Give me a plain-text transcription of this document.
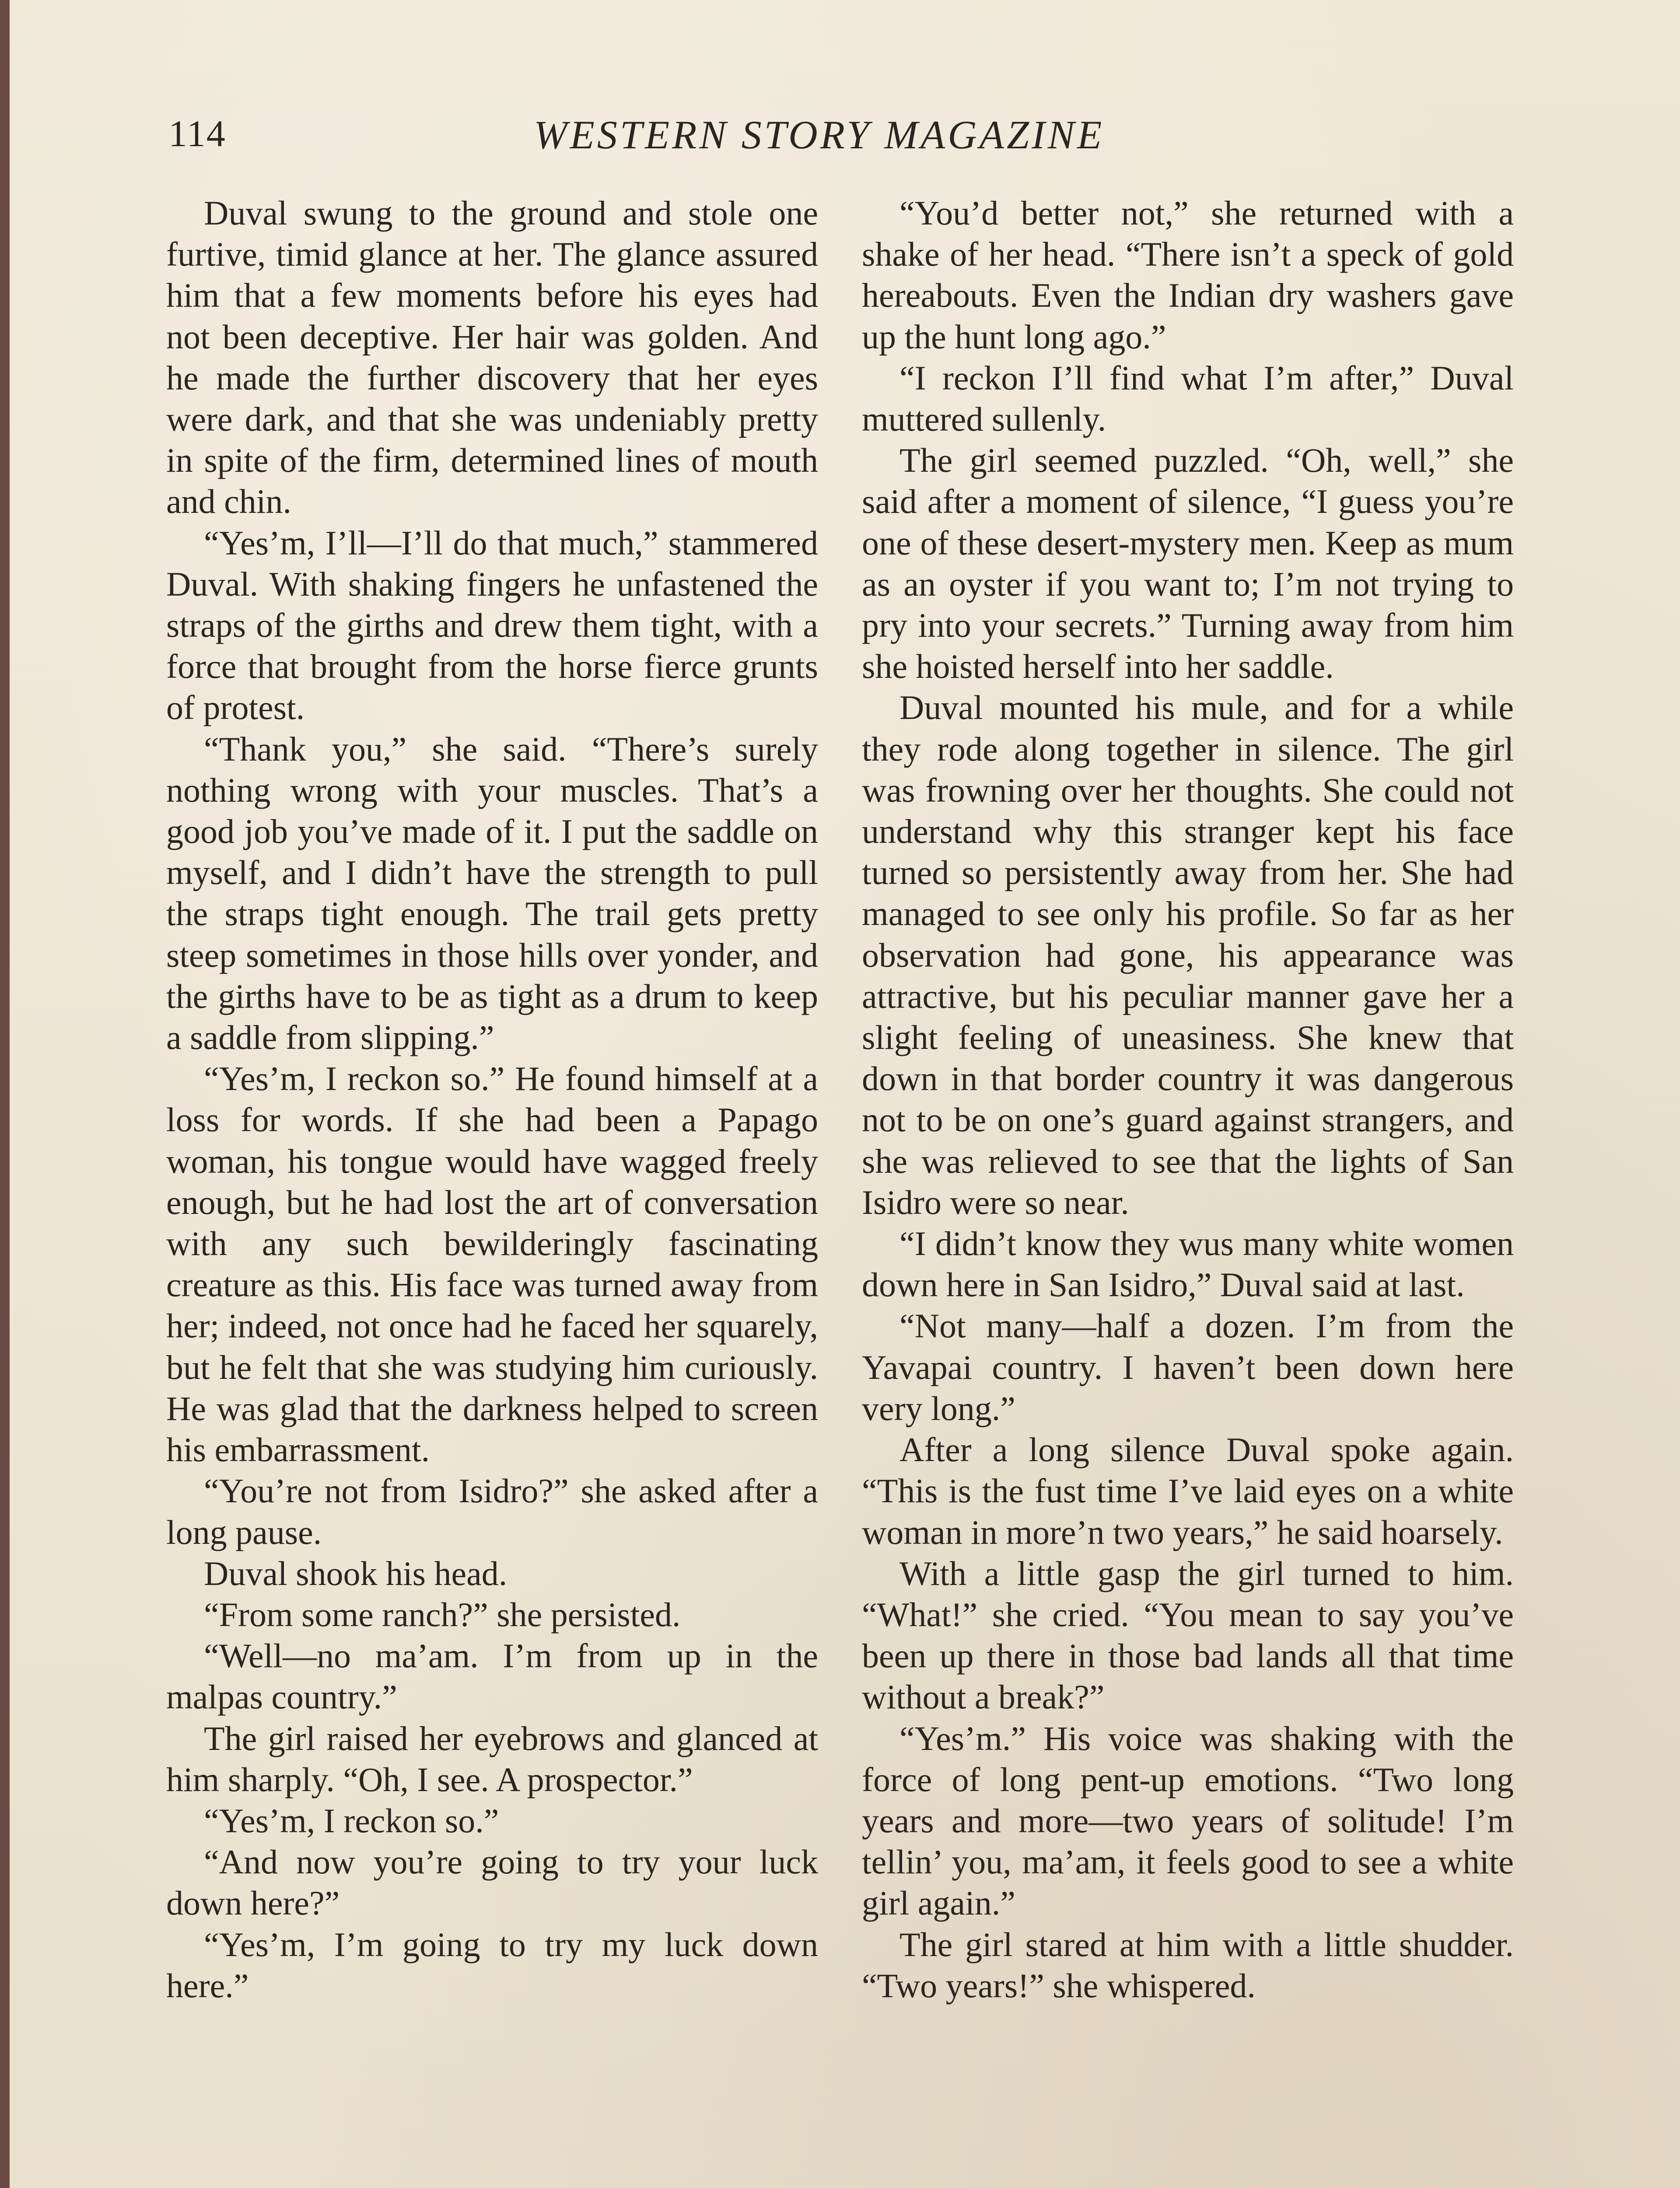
114	WESTERN STORY MAGAZINE

Duval swung to the ground and stole one furtive, timid glance at her. The glance assured him that a few moments before his eyes had not been deceptive. Her hair was golden. And he made the further discovery that her eyes were dark, and that she was undeniably pretty in spite of the firm, determined lines of mouth and chin.

“Yes’m, I’ll—I’ll do that much,” stammered Duval. With shaking fingers he unfastened the straps of the girths and drew them tight, with a force that brought from the horse fierce grunts of protest.

“Thank you,” she said. “There’s surely nothing wrong with your muscles. That’s a good job you’ve made of it. I put the saddle on myself, and I didn’t have the strength to pull the straps tight enough. The trail gets pretty steep sometimes in those hills over yonder, and the girths have to be as tight as a drum to keep a saddle from slipping.”

“Yes’m, I reckon so.” He found himself at a loss for words. If she had been a Papago woman, his tongue would have wagged freely enough, but he had lost the art of conversation with any such bewilderingly fascinating creature as this. His face was turned away from her; indeed, not once had he faced her squarely, but he felt that she was studying him curiously. He was glad that the darkness helped to screen his embarrassment.

“You’re not from Isidro?” she asked after a long pause.

Duval shook his head.

“From some ranch?” she persisted.

“Well—no ma’am. I’m from up in the malpas country.”

The girl raised her eyebrows and glanced at him sharply. “Oh, I see. A prospector.”

“Yes’m, I reckon so.”

“And now you’re going to try your luck down here?”

“Yes’m, I’m going to try my luck down here.”

“You’d better not,” she returned with a shake of her head. “There isn’t a speck of gold hereabouts. Even the Indian dry washers gave up the hunt long ago.”

“I reckon I’ll find what I’m after,” Duval muttered sullenly.

The girl seemed puzzled. “Oh, well,” she said after a moment of silence, “I guess you’re one of these desert-mystery men. Keep as mum as an oyster if you want to; I’m not trying to pry into your secrets.” Turning away from him she hoisted herself into her saddle.

Duval mounted his mule, and for a while they rode along together in silence. The girl was frowning over her thoughts. She could not understand why this stranger kept his face turned so persistently away from her. She had managed to see only his profile. So far as her observation had gone, his appearance was attractive, but his peculiar manner gave her a slight feeling of uneasiness. She knew that down in that border country it was dangerous not to be on one’s guard against strangers, and she was relieved to see that the lights of San Isidro were so near.

“I didn’t know they wus many white women down here in San Isidro,” Duval said at last.

“Not many—half a dozen. I’m from the Yavapai country. I haven’t been down here very long.”

After a long silence Duval spoke again. “This is the fust time I’ve laid eyes on a white woman in more’n two years,” he said hoarsely.

With a little gasp the girl turned to him. “What!” she cried. “You mean to say you’ve been up there in those bad lands all that time without a break?”

“Yes’m.” His voice was shaking with the force of long pent-up emotions. “Two long years and more—two years of solitude! I’m tellin’ you, ma’am, it feels good to see a white girl again.”

The girl stared at him with a little shudder. “Two years!” she whispered.
